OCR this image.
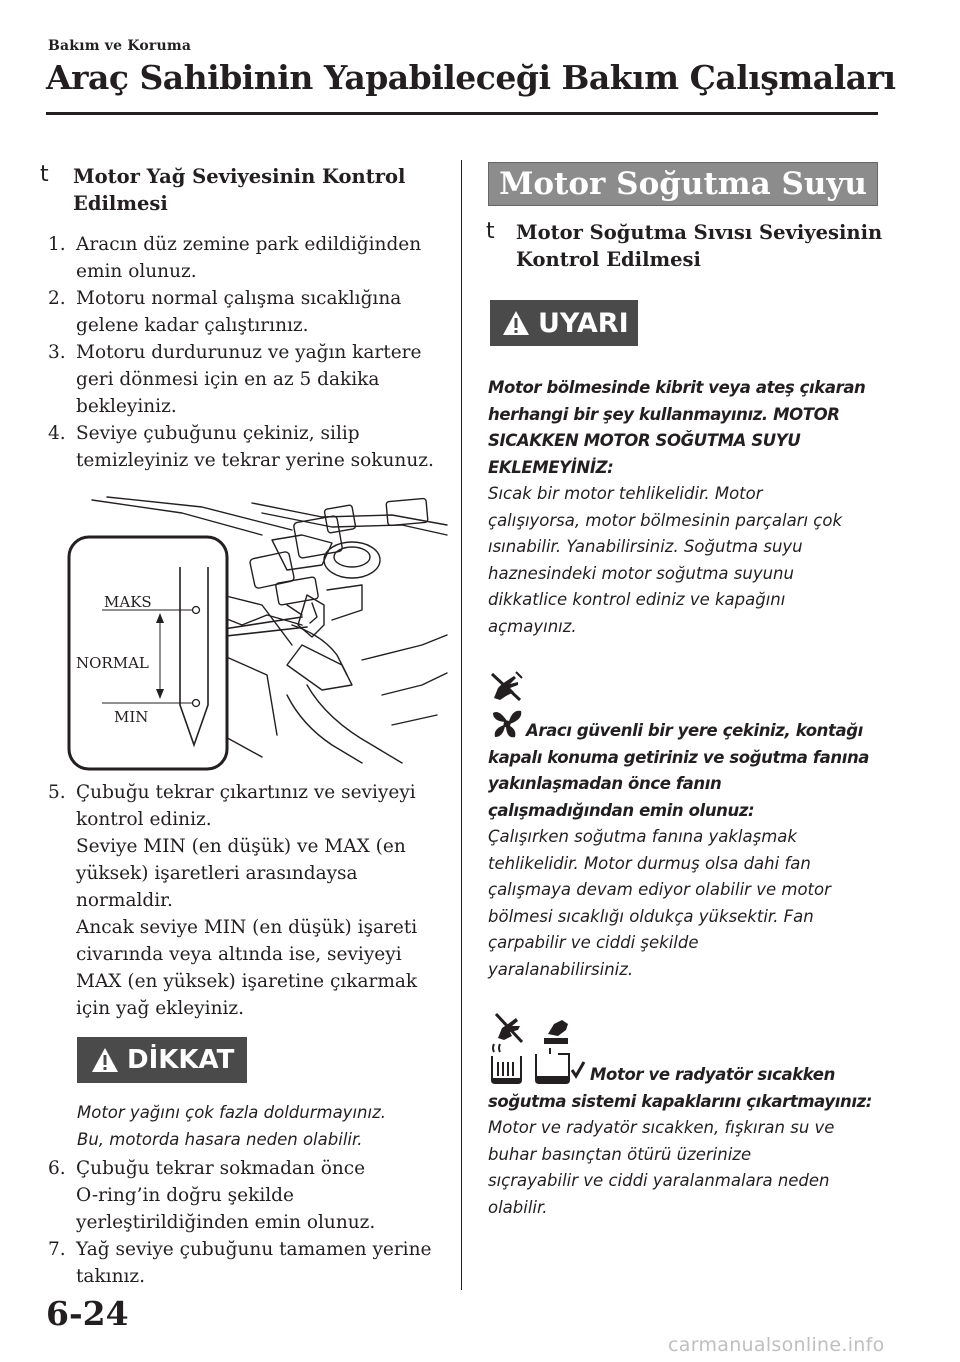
Bakım ve Koruma
Araç Sahibinin Yapabileceği Bakım Çalışmaları
t Motor Yağ Seviyesinin Kontrol
Edilmesi
1. Aracın düz zemine park edildiğinden
emin olunuz.
2. Motoru normal çalışma sıcaklığına
gelene kadar çalıştırınız.
3. Motoru durdurunuz ve yağın kartere
geri dönmesi için en az 5 dakika
bekleyiniz.
4. Seviye çubuğunu çekiniz, silip
temizleyiniz ve tekrar yerine sokunuz.
MAKS
NORMAL
MIN
5. Çubuğu tekrar çıkartınız ve seviyeyi
kontrol ediniz.
Seviye MIN (en düşük) ve MAX (en
yüksek) işaretleri arasındaysa
normaldir.
Ancak seviye MIN (en düşük) işareti
civarında veya altında ise, seviyeyi
MAX (en yüksek) işaretine çıkarmak
için yağ ekleyiniz.
DİKKAT
Motor yağını çok fazla doldurmayınız.
Bu, motorda hasara neden olabilir.
6. Çubuğu tekrar sokmadan önce
O-ring’in doğru şekilde
yerleştirildiğinden emin olunuz.
7. Yağ seviye çubuğunu tamamen yerine
takınız.
Motor Soğutma Suyu
t Motor Soğutma Sıvısı Seviyesinin
Kontrol Edilmesi
UYARI
Motor bölmesinde kibrit veya ateş çıkaran
herhangi bir şey kullanmayınız. MOTOR
SICAKKEN MOTOR SOĞUTMA SUYU
EKLEMEYİNİZ:
Sıcak bir motor tehlikelidir. Motor
çalışıyorsa, motor bölmesinin parçaları çok
ısınabilir. Yanabilirsiniz. Soğutma suyu
haznesindeki motor soğutma suyunu
dikkatlice kontrol ediniz ve kapağını
açmayınız.
Aracı güvenli bir yere çekiniz, kontağı
kapalı konuma getiriniz ve soğutma fanına
yakınlaşmadan önce fanın
çalışmadığından emin olunuz:
Çalışırken soğutma fanına yaklaşmak
tehlikelidir. Motor durmuş olsa dahi fan
çalışmaya devam ediyor olabilir ve motor
bölmesi sıcaklığı oldukça yüksektir. Fan
çarpabilir ve ciddi şekilde
yaralanabilirsiniz.
Motor ve radyatör sıcakken
soğutma sistemi kapaklarını çıkartmayınız:
Motor ve radyatör sıcakken, fışkıran su ve
buhar basınçtan ötürü üzerinize
sıçrayabilir ve ciddi yaralanmalara neden
olabilir.
6-24
carmanualsonline.info
